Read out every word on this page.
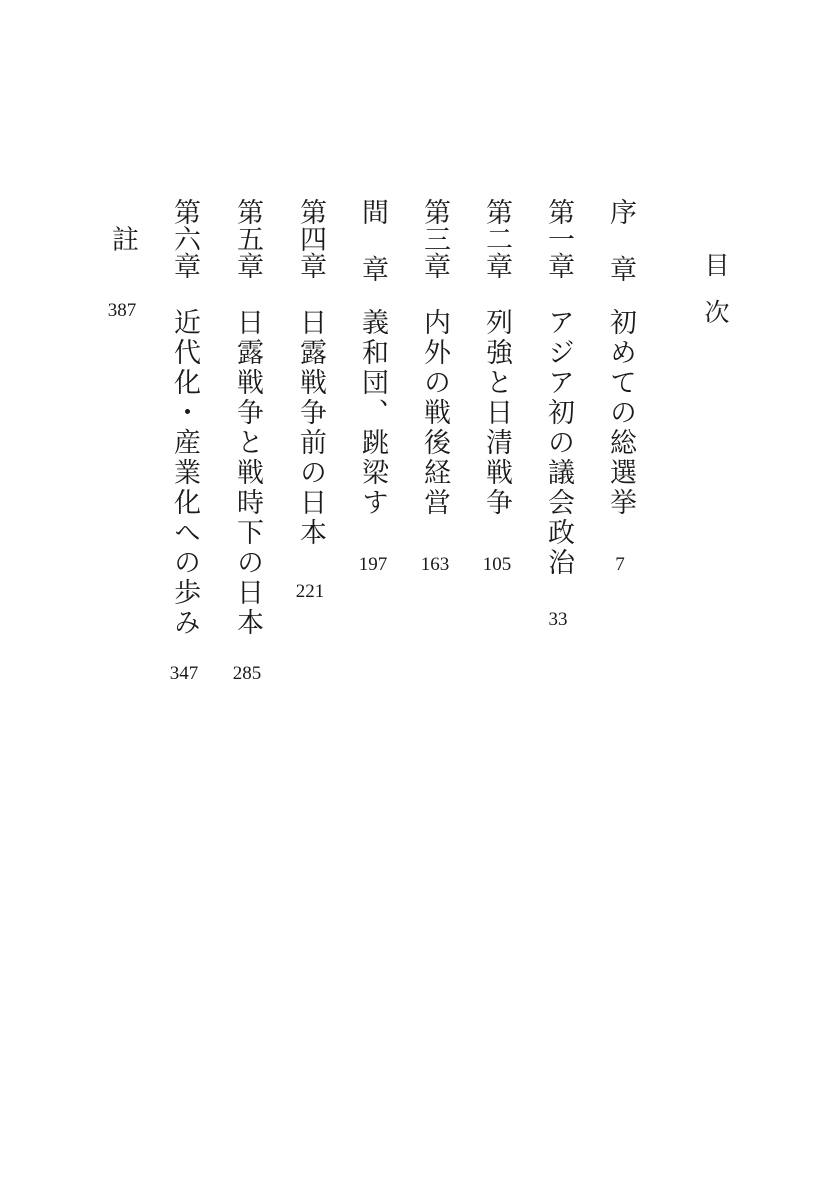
目次
序章
初めての総選挙
7
第一章
アジア初の議会政治
33
第二章
列強と日清戦争
105
第三章
内外の戦後経営
163
間章
義和団、跳梁す
197
第四章
日露戦争前の日本
221
第五章
日露戦争と戦時下の日本
285
第六章
近代化・産業化への歩み
347
註
387
